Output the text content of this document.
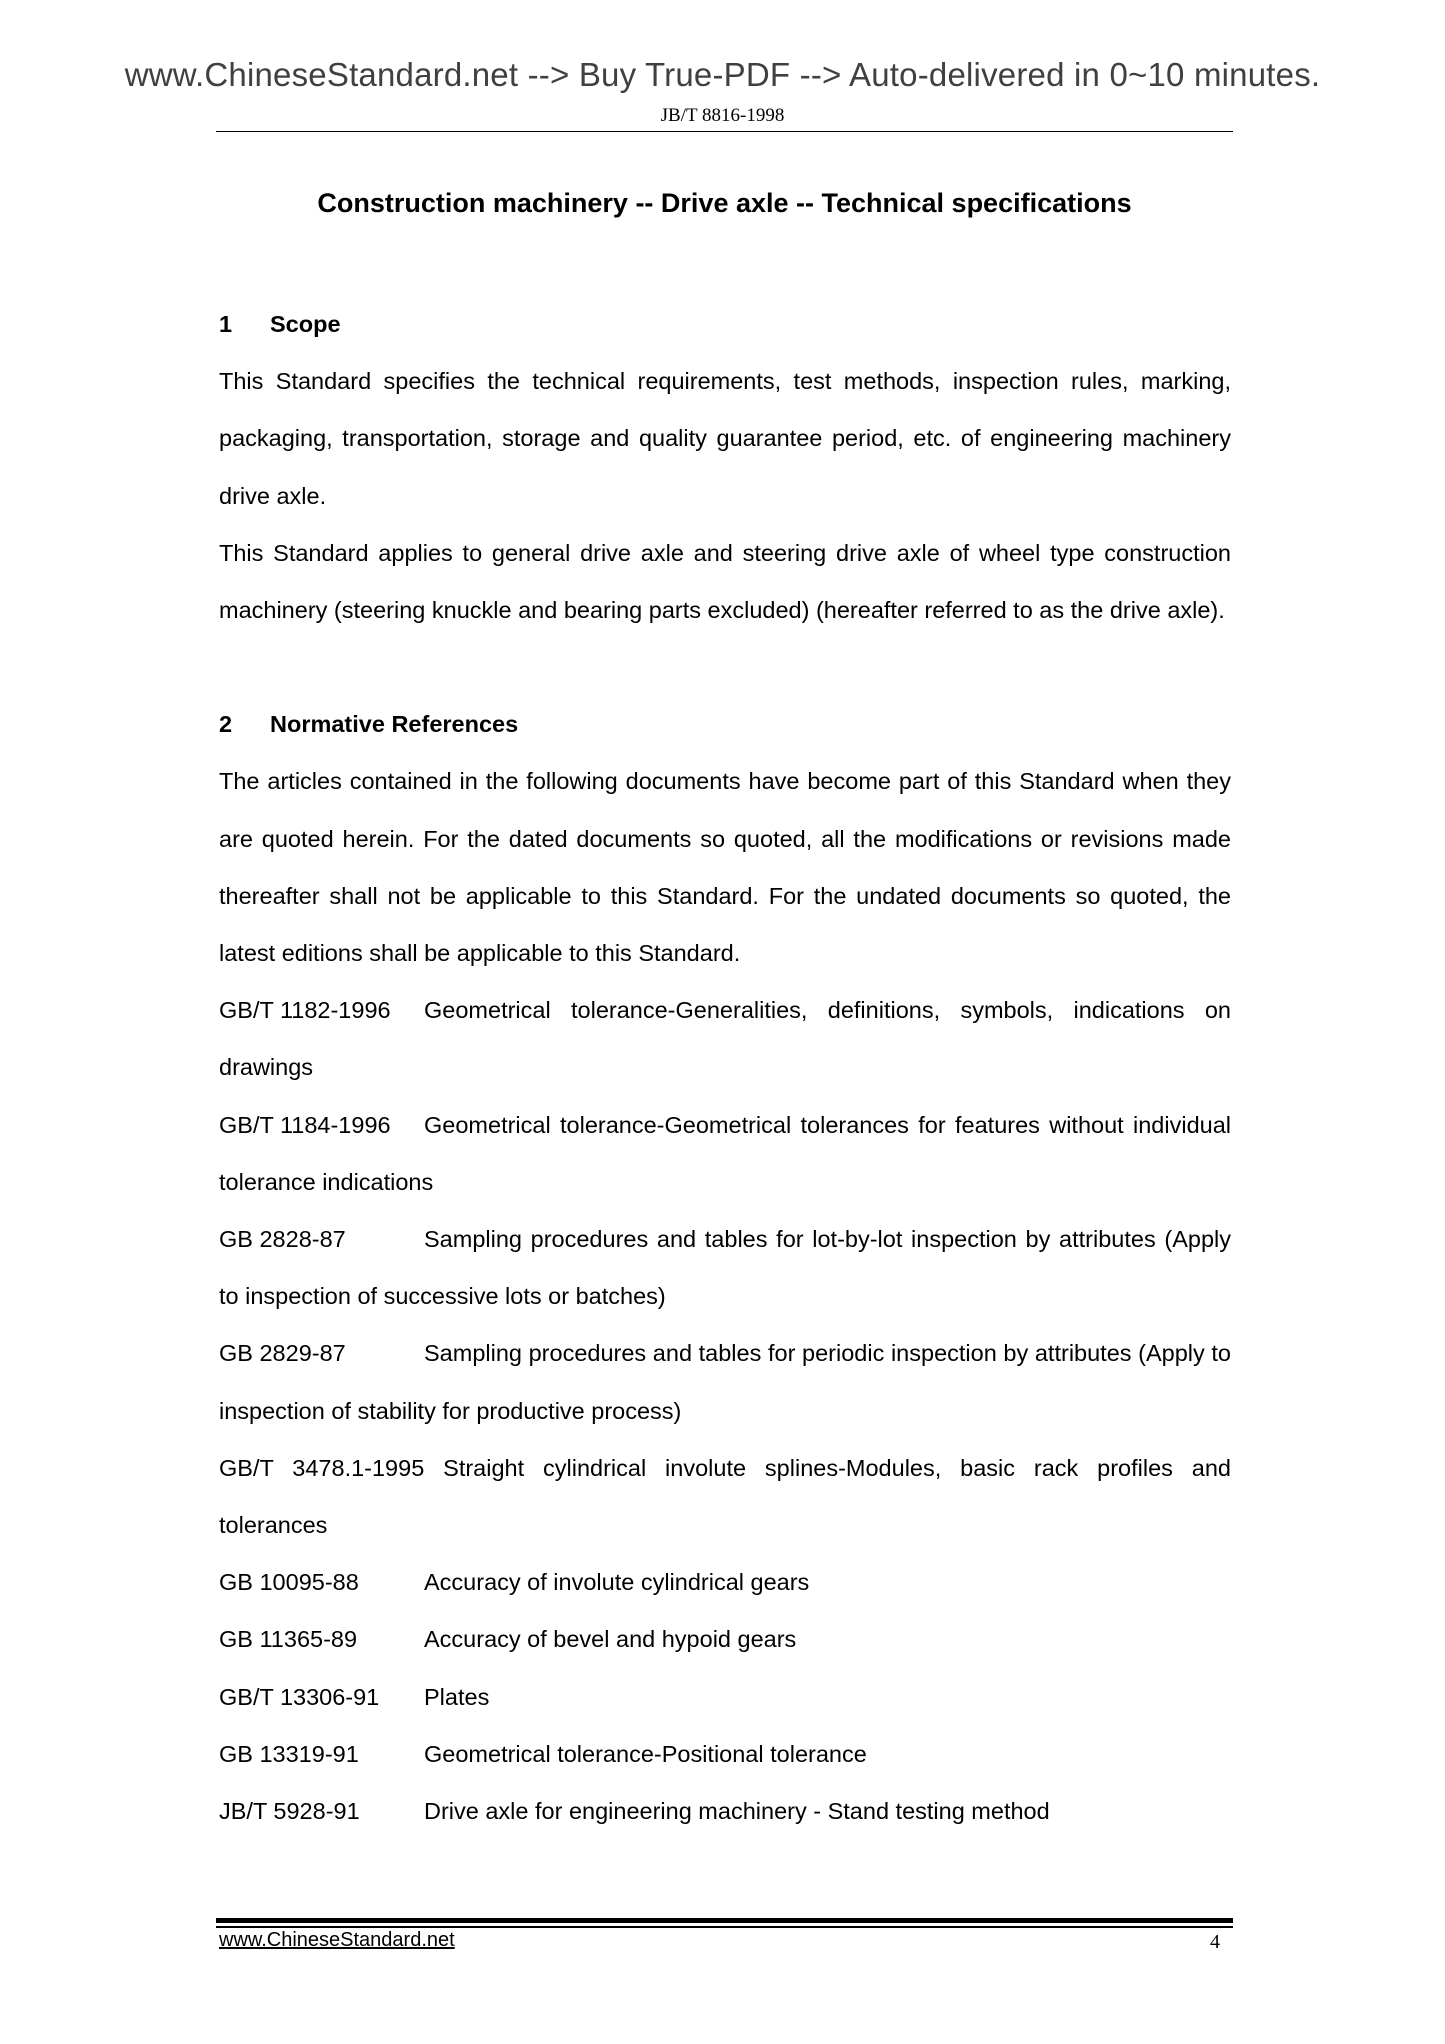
www.ChineseStandard.net --> Buy True-PDF --> Auto-delivered in 0~10 minutes.
JB/T 8816-1998
Construction machinery -- Drive axle -- Technical specifications
1 Scope
This Standard specifies the technical requirements, test methods, inspection rules, marking, packaging, transportation, storage and quality guarantee period, etc. of engineering machinery drive axle.
This Standard applies to general drive axle and steering drive axle of wheel type construction machinery (steering knuckle and bearing parts excluded) (hereafter referred to as the drive axle).
2 Normative References
The articles contained in the following documents have become part of this Standard when they are quoted herein. For the dated documents so quoted, all the modifications or revisions made thereafter shall not be applicable to this Standard. For the undated documents so quoted, the latest editions shall be applicable to this Standard.
GB/T 1182-1996 Geometrical tolerance-Generalities, definitions, symbols, indications on drawings
GB/T 1184-1996 Geometrical tolerance-Geometrical tolerances for features without individual tolerance indications
GB 2828-87	Sampling procedures and tables for lot-by-lot inspection by attributes (Apply to inspection of successive lots or batches)
GB 2829-87	Sampling procedures and tables for periodic inspection by attributes (Apply to inspection of stability for productive process)
GB/T 3478.1-1995 Straight cylindrical involute splines-Modules, basic rack profiles and tolerances
GB 10095-88	Accuracy of involute cylindrical gears
GB 11365-89	Accuracy of bevel and hypoid gears
GB/T 13306-91 Plates
GB 13319-91	Geometrical tolerance-Positional tolerance
JB/T 5928-91	Drive axle for engineering machinery - Stand testing method
www.ChineseStandard.net	4
